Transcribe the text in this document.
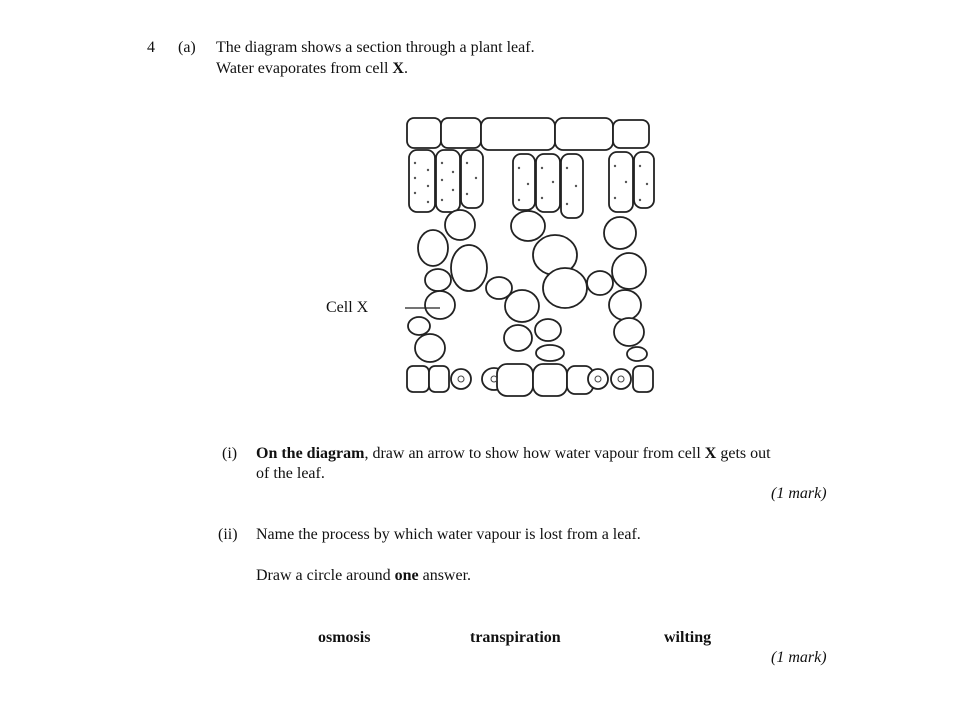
4 (a) The diagram shows a section through a plant leaf.
Water evaporates from cell X.
Cell X
(i) On the diagram, draw an arrow to show how water vapour from cell X gets out
of the leaf.
(1 mark)
(ii) Name the process by which water vapour is lost from a leaf.
Draw a circle around one answer.
osmosis	transpiration	wilting
(1 mark)
